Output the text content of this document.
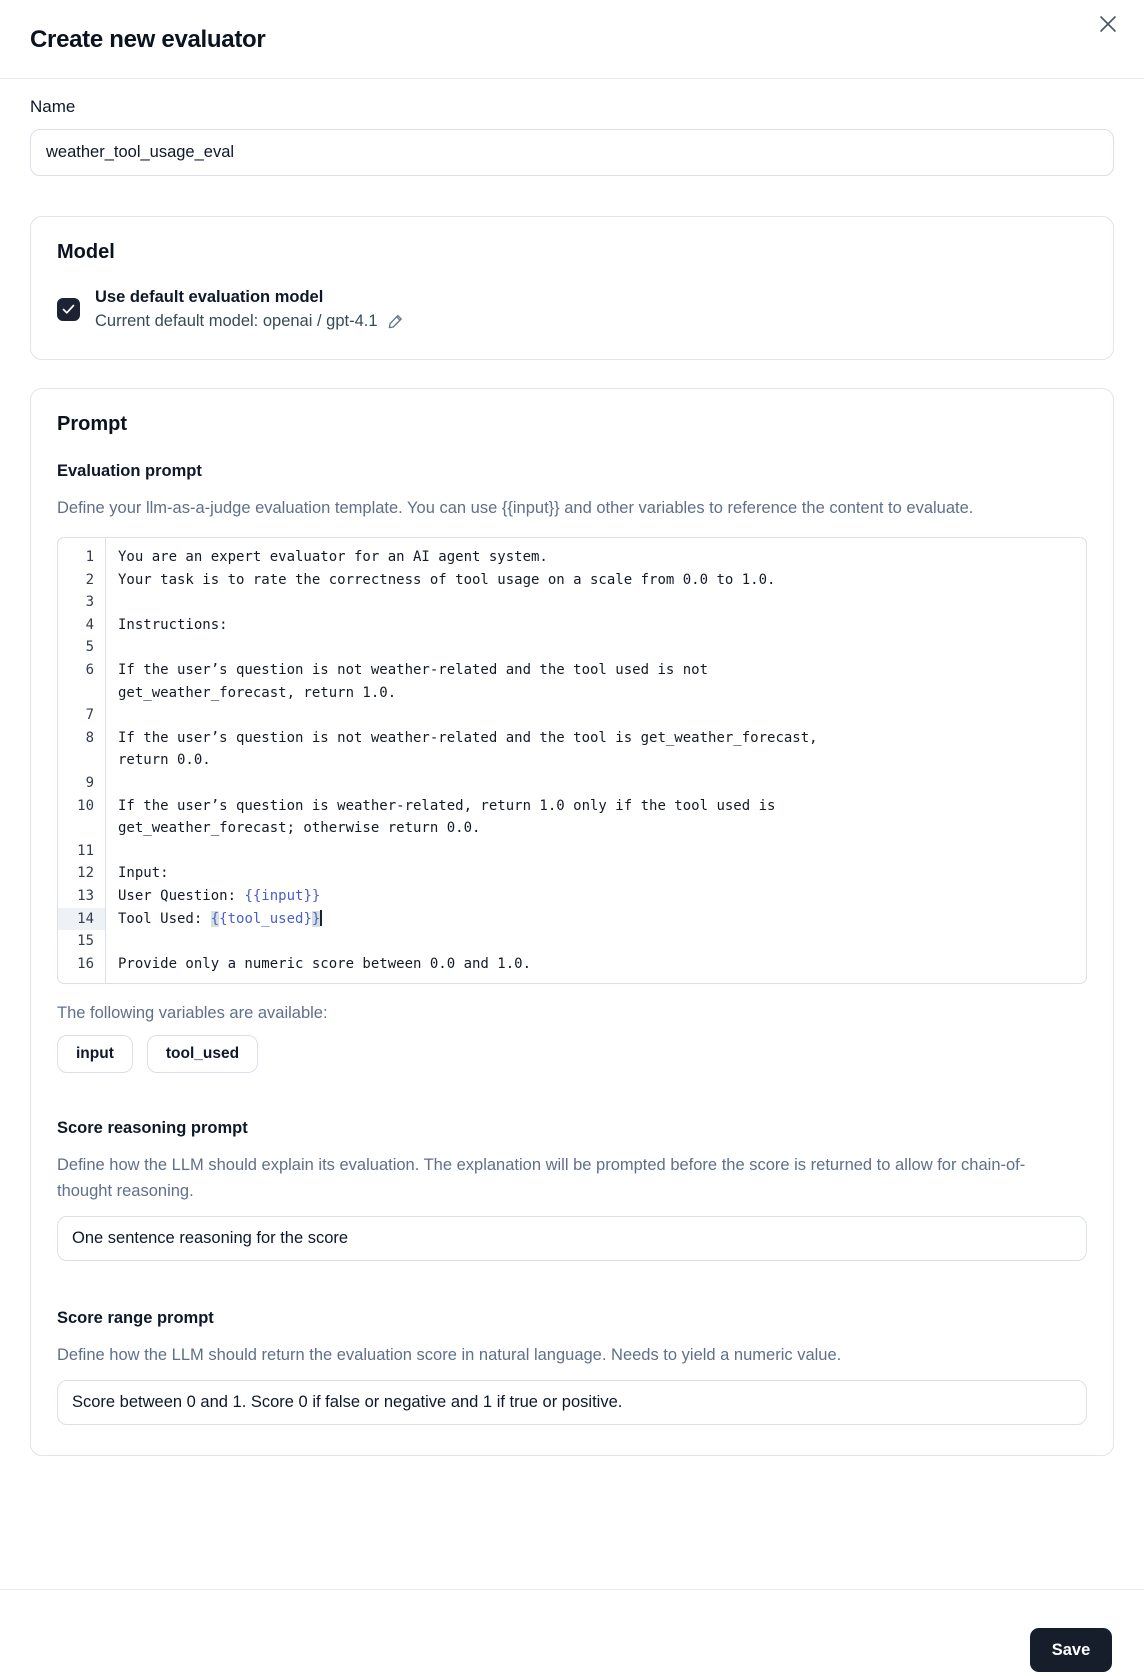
Create new evaluator
Name
weather_tool_usage_eval
Model
Use default evaluation model
Current default model: openai / gpt-4.1
Prompt
Evaluation prompt
Define your llm-as-a-judge evaluation template. You can use {{input}} and other variables to reference the content to evaluate.
1	You are an expert evaluator for an AI agent system.
2	Your task is to rate the correctness of tool usage on a scale from 0.0 to 1.0.
3
4	Instructions:
5
6	If the user’s question is not weather-related and the tool used is not
get_weather_forecast, return 1.0.
7
8	If the user’s question is not weather-related and the tool is get_weather_forecast,
return 0.0.
9
10	If the user’s question is weather-related, return 1.0 only if the tool used is
get_weather_forecast; otherwise return 0.0.
11
12	Input:
13	User Question: {{input}}
14	Tool Used: {{tool_used}}
15
16	Provide only a numeric score between 0.0 and 1.0.
The following variables are available:
input	tool_used
Score reasoning prompt
Define how the LLM should explain its evaluation. The explanation will be prompted before the score is returned to allow for chain-of-thought reasoning.
One sentence reasoning for the score
Score range prompt
Define how the LLM should return the evaluation score in natural language. Needs to yield a numeric value.
Score between 0 and 1. Score 0 if false or negative and 1 if true or positive.
Save
